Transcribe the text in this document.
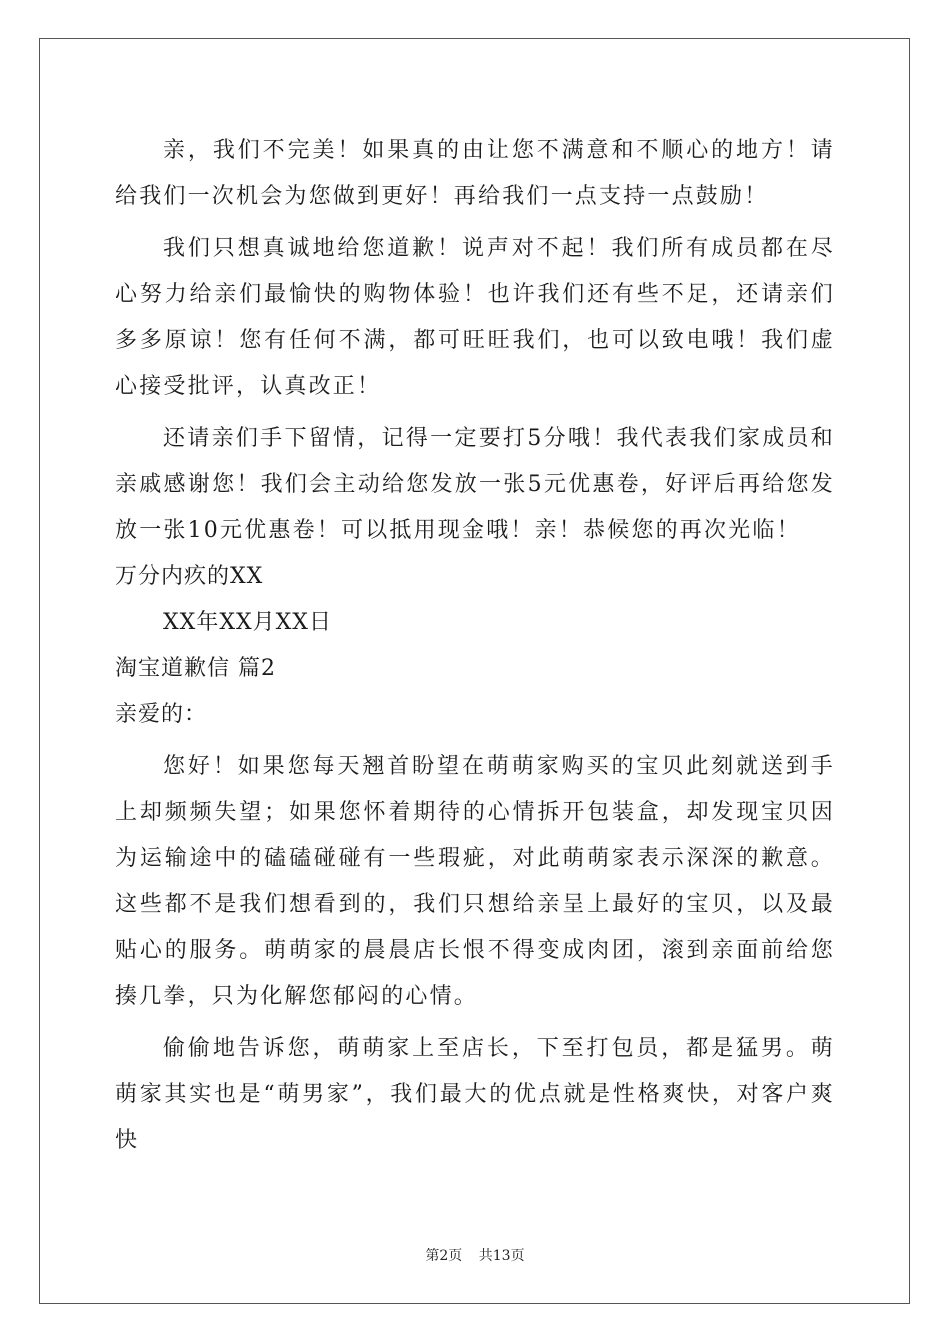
亲，我们不完美！如果真的由让您不满意和不顺心的地方！请给我们一次机会为您做到更好！再给我们一点支持一点鼓励！

我们只想真诚地给您道歉！说声对不起！我们所有成员都在尽心努力给亲们最愉快的购物体验！也许我们还有些不足，还请亲们多多原谅！您有任何不满，都可旺旺我们，也可以致电哦！我们虚心接受批评，认真改正！

还请亲们手下留情，记得一定要打5分哦！我代表我们家成员和亲戚感谢您！我们会主动给您发放一张5元优惠卷，好评后再给您发放一张10元优惠卷！可以抵用现金哦！亲！恭候您的再次光临！

万分内疚的XX

XX年XX月XX日

淘宝道歉信 篇2

亲爱的：

您好！如果您每天翘首盼望在萌萌家购买的宝贝此刻就送到手上却频频失望；如果您怀着期待的心情拆开包装盒，却发现宝贝因为运输途中的磕磕碰碰有一些瑕疵，对此萌萌家表示深深的歉意。这些都不是我们想看到的，我们只想给亲呈上最好的宝贝，以及最贴心的服务。萌萌家的晨晨店长恨不得变成肉团，滚到亲面前给您揍几拳，只为化解您郁闷的心情。

偷偷地告诉您，萌萌家上至店长，下至打包员，都是猛男。萌萌家其实也是“萌男家”，我们最大的优点就是性格爽快，对客户爽快

第2页 共13页
